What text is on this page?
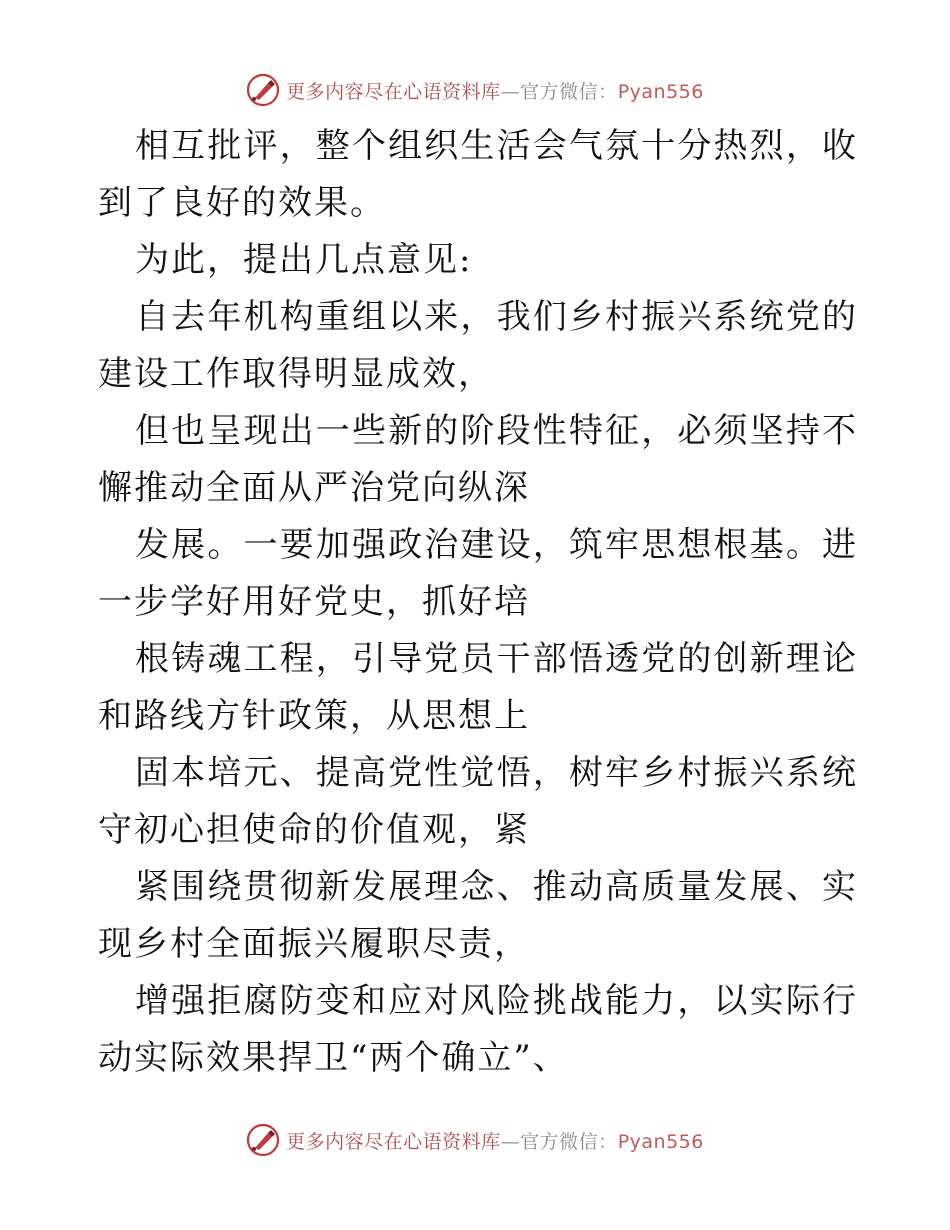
更多内容尽在心语资料库—官方微信：Pyan556

相互批评，整个组织生活会气氛十分热烈，收到了良好的效果。

为此，提出几点意见:

自去年机构重组以来，我们乡村振兴系统党的建设工作取得明显成效，

但也呈现出一些新的阶段性特征，必须坚持不懈推动全面从严治党向纵深

发展。一要加强政治建设，筑牢思想根基。进一步学好用好党史，抓好培

根铸魂工程，引导党员干部悟透党的创新理论和路线方针政策，从思想上

固本培元、提高党性觉悟，树牢乡村振兴系统守初心担使命的价值观，紧

紧围绕贯彻新发展理念、推动高质量发展、实现乡村全面振兴履职尽责，

增强拒腐防变和应对风险挑战能力，以实际行动实际效果捍卫“两个确立”、

更多内容尽在心语资料库—官方微信：Pyan556
